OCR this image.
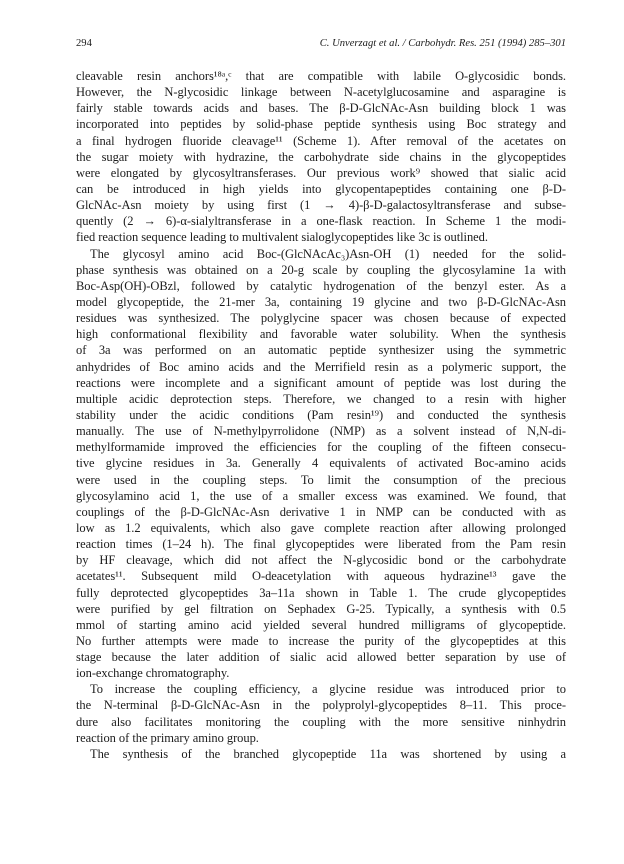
294	C. Unverzagt et al. / Carbohydr. Res. 251 (1994) 285–301
cleavable resin anchors¹⁸ᵃ,ᶜ that are compatible with labile O-glycosidic bonds.
However, the N-glycosidic linkage between N-acetylglucosamine and asparagine is
fairly stable towards acids and bases. The β-D-GlcNAc-Asn building block 1 was
incorporated into peptides by solid-phase peptide synthesis using Boc strategy and
a final hydrogen fluoride cleavage¹¹ (Scheme 1). After removal of the acetates on
the sugar moiety with hydrazine, the carbohydrate side chains in the glycopeptides
were elongated by glycosyltransferases. Our previous work⁹ showed that sialic acid
can be introduced in high yields into glycopentapeptides containing one β-D-
GlcNAc-Asn moiety by using first (1 → 4)-β-D-galactosyltransferase and subse-
quently (2 → 6)-α-sialyltransferase in a one-flask reaction. In Scheme 1 the modi-
fied reaction sequence leading to multivalent sialoglycopeptides like 3c is outlined.
The glycosyl amino acid Boc-(GlcNAcAc₃)Asn-OH (1) needed for the solid-
phase synthesis was obtained on a 20-g scale by coupling the glycosylamine 1a with
Boc-Asp(OH)-OBzl, followed by catalytic hydrogenation of the benzyl ester. As a
model glycopeptide, the 21-mer 3a, containing 19 glycine and two β-D-GlcNAc-Asn
residues was synthesized. The polyglycine spacer was chosen because of expected
high conformational flexibility and favorable water solubility. When the synthesis
of 3a was performed on an automatic peptide synthesizer using the symmetric
anhydrides of Boc amino acids and the Merrifield resin as a polymeric support, the
reactions were incomplete and a significant amount of peptide was lost during the
multiple acidic deprotection steps. Therefore, we changed to a resin with higher
stability under the acidic conditions (Pam resin¹⁹) and conducted the synthesis
manually. The use of N-methylpyrrolidone (NMP) as a solvent instead of N,N-di-
methylformamide improved the efficiencies for the coupling of the fifteen consecu-
tive glycine residues in 3a. Generally 4 equivalents of activated Boc-amino acids
were used in the coupling steps. To limit the consumption of the precious
glycosylamino acid 1, the use of a smaller excess was examined. We found, that
couplings of the β-D-GlcNAc-Asn derivative 1 in NMP can be conducted with as
low as 1.2 equivalents, which also gave complete reaction after allowing prolonged
reaction times (1–24 h). The final glycopeptides were liberated from the Pam resin
by HF cleavage, which did not affect the N-glycosidic bond or the carbohydrate
acetates¹¹. Subsequent mild O-deacetylation with aqueous hydrazine¹³ gave the
fully deprotected glycopeptides 3a–11a shown in Table 1. The crude glycopeptides
were purified by gel filtration on Sephadex G-25. Typically, a synthesis with 0.5
mmol of starting amino acid yielded several hundred milligrams of glycopeptide.
No further attempts were made to increase the purity of the glycopeptides at this
stage because the later addition of sialic acid allowed better separation by use of
ion-exchange chromatography.
To increase the coupling efficiency, a glycine residue was introduced prior to
the N-terminal β-D-GlcNAc-Asn in the polyprolyl-glycopeptides 8–11. This proce-
dure also facilitates monitoring the coupling with the more sensitive ninhydrin
reaction of the primary amino group.
The synthesis of the branched glycopeptide 11a was shortened by using a
